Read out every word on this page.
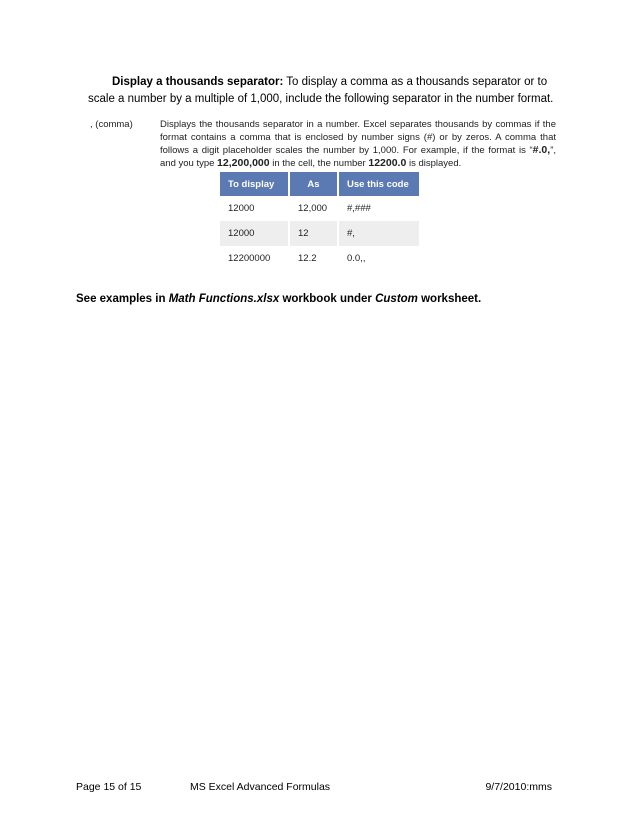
Display a thousands separator: To display a comma as a thousands separator or to scale a number by a multiple of 1,000, include the following separator in the number format.
, (comma)	Displays the thousands separator in a number. Excel separates thousands by commas if the format contains a comma that is enclosed by number signs (#) or by zeros. A comma that follows a digit placeholder scales the number by 1,000. For example, if the format is “#.0,”, and you type 12,200,000 in the cell, the number 12200.0 is displayed.
To display	As	Use this code
12000	12,000	#,###
12000	12	#,
12200000	12.2	0.0,,
See examples in Math Functions.xlsx workbook under Custom worksheet.
Page 15 of 15	MS Excel Advanced Formulas	9/7/2010:mms
